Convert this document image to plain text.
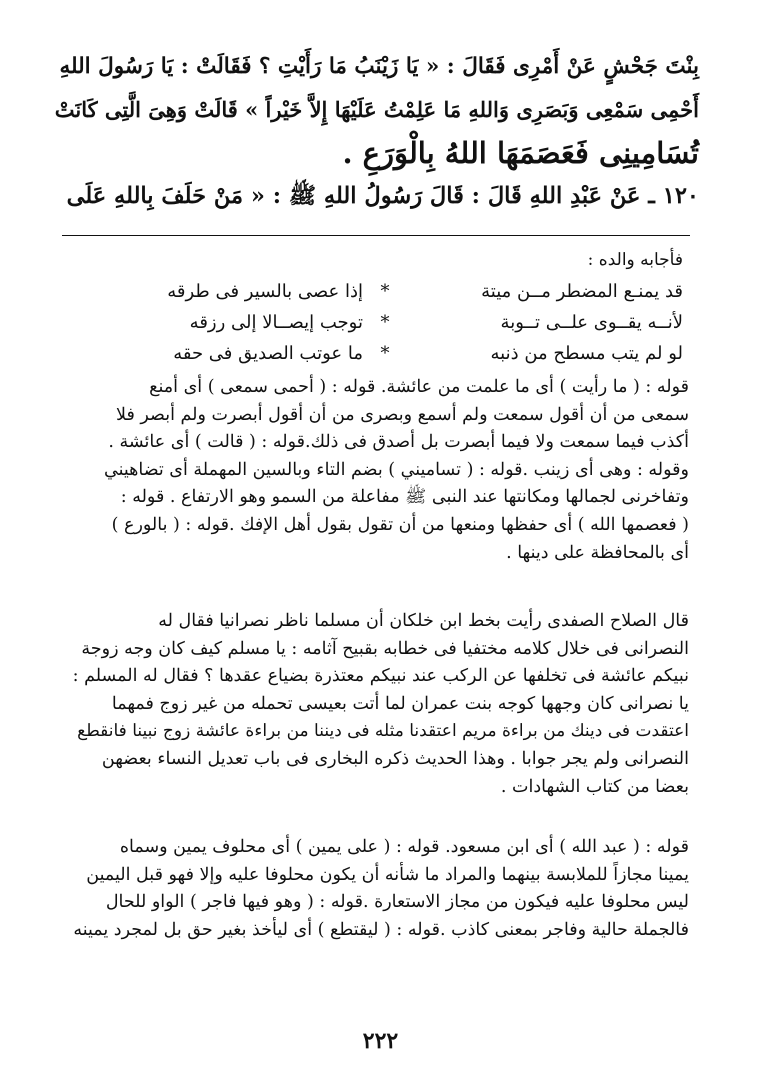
بِنْتَ جَحْشٍ عَنْ أَمْرِى فَقَالَ : « يَا زَيْنَبُ مَا رَأَيْتِ ؟ فَقَالَتْ : يَا رَسُولَ اللهِ
أَحْمِى سَمْعِى وَبَصَرِى وَاللهِ مَا عَلِمْتُ عَلَيْهَا إِلاَّ خَيْراً » قَالَتْ وَهِىَ الَّتِى كَانَتْ
تُسَامِينِى فَعَصَمَهَا اللهُ بِالْوَرَعِ .
١٢٠ ـ عَنْ عَبْدِ اللهِ قَالَ : قَالَ رَسُولُ اللهِ ﷺ : « مَنْ حَلَفَ بِاللهِ عَلَى
فأجابه والده :
قد يمنـع المضطر مــن ميتة
*
إذا عصى بالسير فى طرقه
لأنــه يقــوى علــى تــوبة
*
توجب إيصــالا إلى رزقه
لو لم يتب مسطح من ذنبه
*
ما عوتب الصديق فى حقه
قوله : ( ما رأيت ) أى ما علمت من عائشة. قوله : ( أحمى سمعى ) أى أمنع
سمعى من أن أقول سمعت ولم أسمع وبصرى من أن أقول أبصرت ولم أبصر فلا
أكذب فيما سمعت ولا فيما أبصرت بل أصدق فى ذلك.قوله : ( قالت ) أى عائشة .
وقوله : وهى أى زينب .قوله : ( تساميني ) بضم التاء وبالسين المهملة أى تضاهيني
وتفاخرنى لجمالها ومكانتها عند النبى ﷺ مفاعلة من السمو وهو الارتفاع . قوله :
( فعصمها الله ) أى حفظها ومنعها من أن تقول بقول أهل الإفك .قوله : ( بالورع )
أى بالمحافظة على دينها .
قال الصلاح الصفدى رأيت بخط ابن خلكان أن مسلما ناظر نصرانيا فقال له
النصرانى فى خلال كلامه مختفيا فى خطابه بقبيح آثامه : يا مسلم كيف كان وجه زوجة
نبيكم عائشة فى تخلفها عن الركب عند نبيكم معتذرة بضياع عقدها ؟ فقال له المسلم :
يا نصرانى كان وجهها كوجه بنت عمران لما أتت بعيسى تحمله من غير زوج فمهما
اعتقدت فى دينك من براءة مريم اعتقدنا مثله فى ديننا من براءة عائشة زوج نبينا فانقطع
النصرانى ولم يجر جوابا . وهذا الحديث ذكره البخارى فى باب تعديل النساء بعضهن
بعضا من كتاب الشهادات .
قوله : ( عبد الله ) أى ابن مسعود. قوله : ( على يمين ) أى محلوف يمين وسماه
يمينا مجازاً للملابسة بينهما والمراد ما شأنه أن يكون محلوفا عليه وإلا فهو قبل اليمين
ليس محلوفا عليه فيكون من مجاز الاستعارة .قوله : ( وهو فيها فاجر ) الواو للحال
فالجملة حالية وفاجر بمعنى كاذب .قوله : ( ليقتطع ) أى ليأخذ بغير حق بل لمجرد يمينه
٢٢٢
